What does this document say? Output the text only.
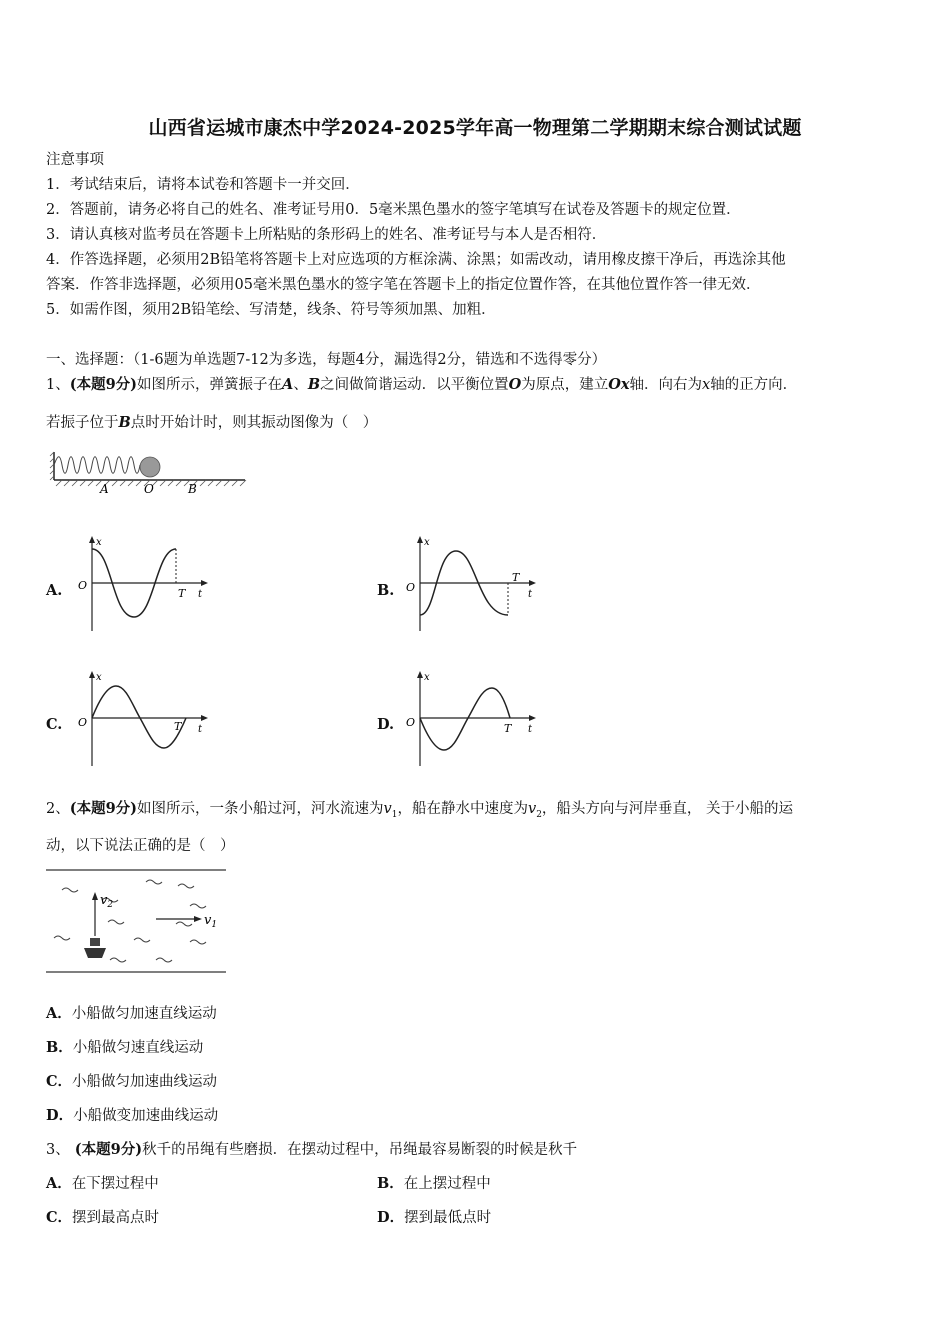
山西省运城市康杰中学2024-2025学年高一物理第二学期期末综合测试试题
注意事项
1．考试结束后，请将本试卷和答题卡一并交回．
2．答题前，请务必将自己的姓名、准考证号用0．5毫米黑色墨水的签字笔填写在试卷及答题卡的规定位置．
3．请认真核对监考员在答题卡上所粘贴的条形码上的姓名、准考证号与本人是否相符．
4．作答选择题，必须用2B铅笔将答题卡上对应选项的方框涂满、涂黑；如需改动，请用橡皮擦干净后，再选涂其他
答案．作答非选择题，必须用05毫米黑色墨水的签字笔在答题卡上的指定位置作答，在其他位置作答一律无效．
5．如需作图，须用2B铅笔绘、写清楚，线条、符号等须加黑、加粗．
一、选择题：（1-6题为单选题7-12为多选，每题4分，漏选得2分，错选和不选得零分）
1、(本题9分)如图所示，弹簧振子在A、B之间做简谐运动．以平衡位置O为原点，建立Ox轴．向右为x轴的正方向．
若振子位于B点时开始计时，则其振动图像为（　）
A	O	B
A.
x
O
T t	B.
x
O
T
t
C.
x
O	T t	D.
x
O	T t
2、(本题9分)如图所示，一条小船过河，河水流速为$v_1$，船在静水中速度为$v_2$，船头方向与河岸垂直， 关于小船的运
动，以下说法正确的是（　）
$v_2$
$v_1$
A．小船做匀加速直线运动
B．小船做匀速直线运动
C．小船做匀加速曲线运动
D．小船做变加速曲线运动
3、 (本题9分)秋千的吊绳有些磨损．在摆动过程中，吊绳最容易断裂的时候是秋千
A．在下摆过程中	B．在上摆过程中
C．摆到最高点时	D．摆到最低点时
